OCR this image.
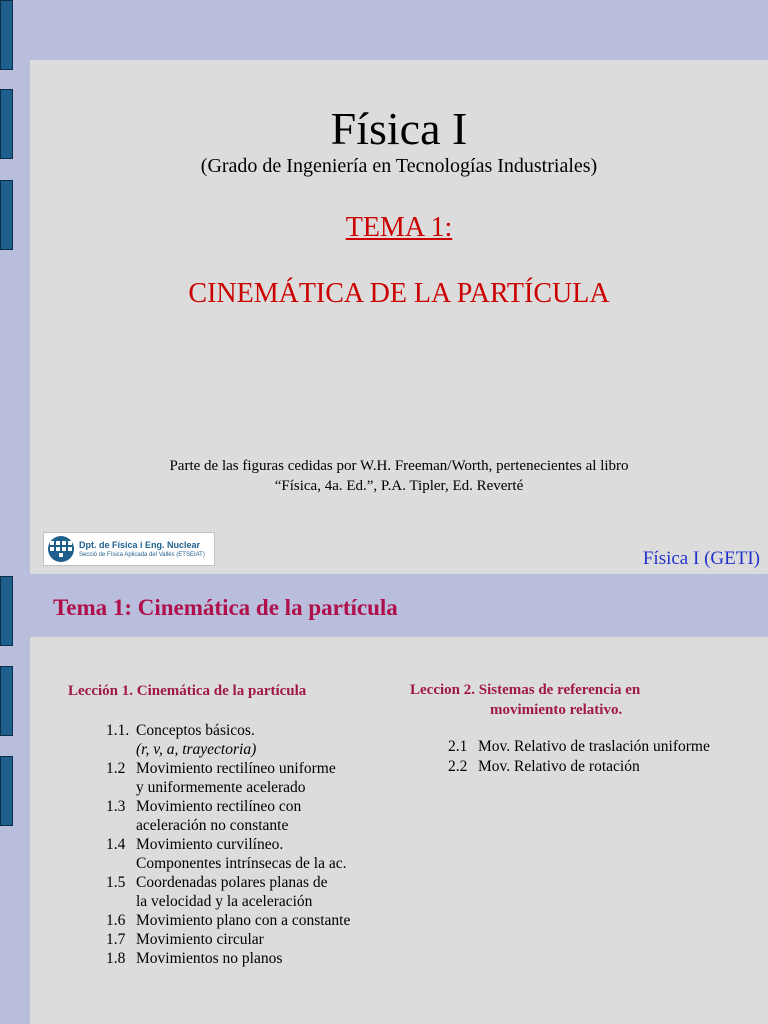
Física I
(Grado de Ingeniería en Tecnologías Industriales)
TEMA 1:
CINEMÁTICA DE LA PARTÍCULA
Parte de las figuras cedidas por W.H. Freeman/Worth, pertenecientes al libro
“Física, 4a. Ed.”, P.A. Tipler, Ed. Reverté
Dpt. de Física i Eng. Nuclear
Secció de Física Aplicada del Vallès (ETSEIAT)	Física I (GETI)
Tema 1: Cinemática de la partícula
Lección 1. Cinemática de la partícula
1.1. Conceptos básicos.
(r, v, a, trayectoria)
1.2 Movimiento rectilíneo uniforme
y uniformemente acelerado
1.3 Movimiento rectilíneo con
aceleración no constante
1.4 Movimiento curvilíneo.
Componentes intrínsecas de la ac.
1.5 Coordenadas polares planas de
la velocidad y la aceleración
1.6 Movimiento plano con a constante
1.7 Movimiento circular
1.8 Movimientos no planos
Leccion 2. Sistemas de referencia en
movimiento relativo.
2.1 Mov. Relativo de traslación uniforme
2.2 Mov. Relativo de rotación
